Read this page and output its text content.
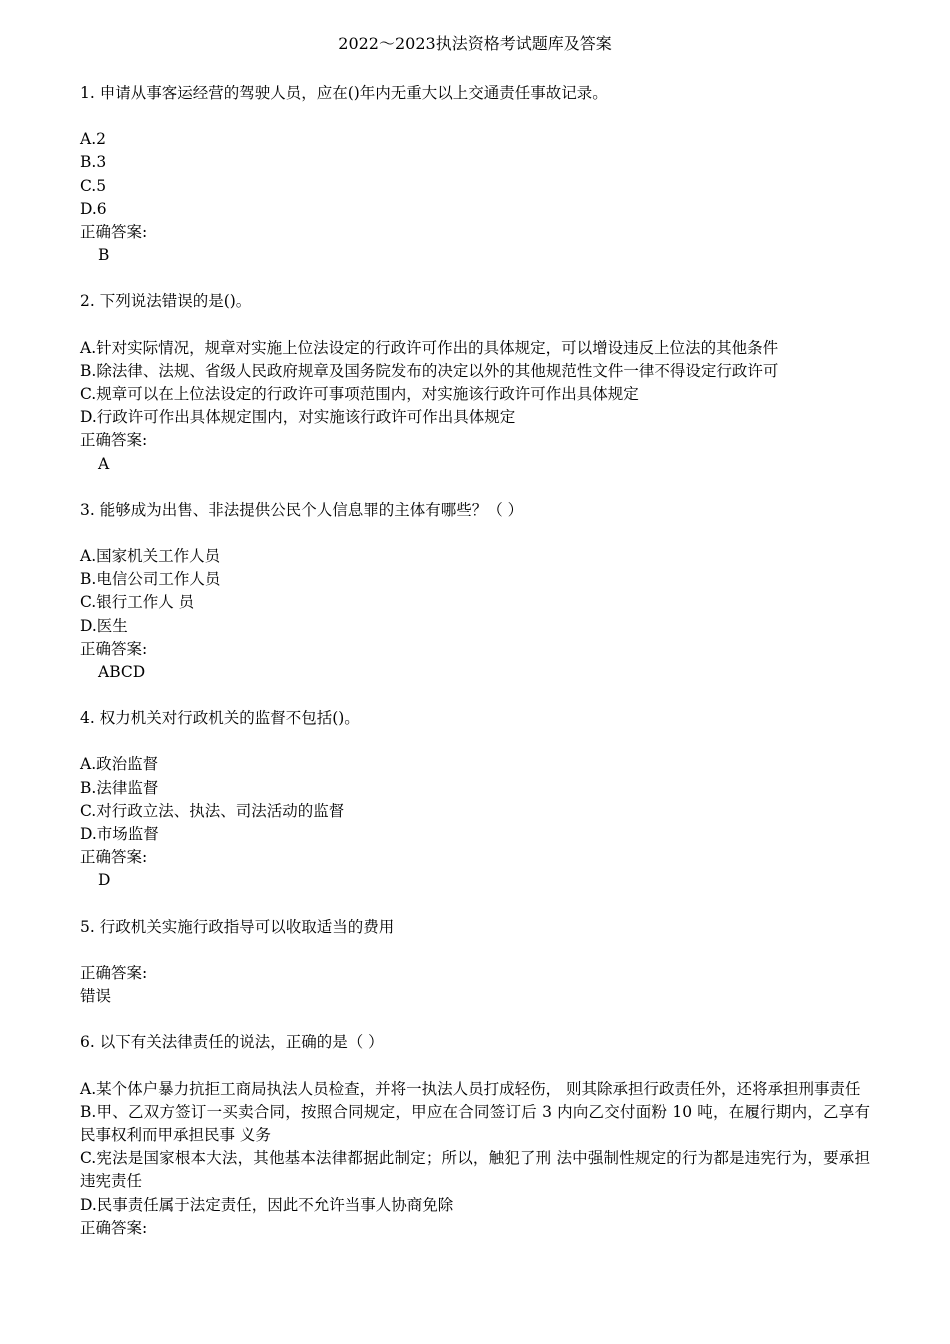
2022～2023执法资格考试题库及答案
1. 申请从事客运经营的驾驶人员，应在()年内无重大以上交通责任事故记录。
A.2
B.3
C.5
D.6
正确答案:
B
2. 下列说法错误的是()。
A.针对实际情况，规章对实施上位法设定的行政许可作出的具体规定，可以增设违反上位法的其他条件
B.除法律、法规、省级人民政府规章及国务院发布的决定以外的其他规范性文件一律不得设定行政许可
C.规章可以在上位法设定的行政许可事项范围内，对实施该行政许可作出具体规定
D.行政许可作出具体规定围内，对实施该行政许可作出具体规定
正确答案:
A
3. 能够成为出售、非法提供公民个人信息罪的主体有哪些？（ ）
A.国家机关工作人员
B.电信公司工作人员
C.银行工作人 员
D.医生
正确答案:
ABCD
4. 权力机关对行政机关的监督不包括()。
A.政治监督
B.法律监督
C.对行政立法、执法、司法活动的监督
D.市场监督
正确答案:
D
5. 行政机关实施行政指导可以收取适当的费用
正确答案:
错误
6. 以下有关法律责任的说法，正确的是（ ）
A.某个体户暴力抗拒工商局执法人员检查，并将一执法人员打成轻伤， 则其除承担行政责任外，还将承担刑事责任
B.甲、乙双方签订一买卖合同，按照合同规定，甲应在合同签订后 3 内向乙交付面粉 10 吨，在履行期内，乙享有民事权利而甲承担民事 义务
C.宪法是国家根本大法，其他基本法律都据此制定；所以，触犯了刑 法中强制性规定的行为都是违宪行为，要承担违宪责任
D.民事责任属于法定责任，因此不允许当事人协商免除
正确答案:
